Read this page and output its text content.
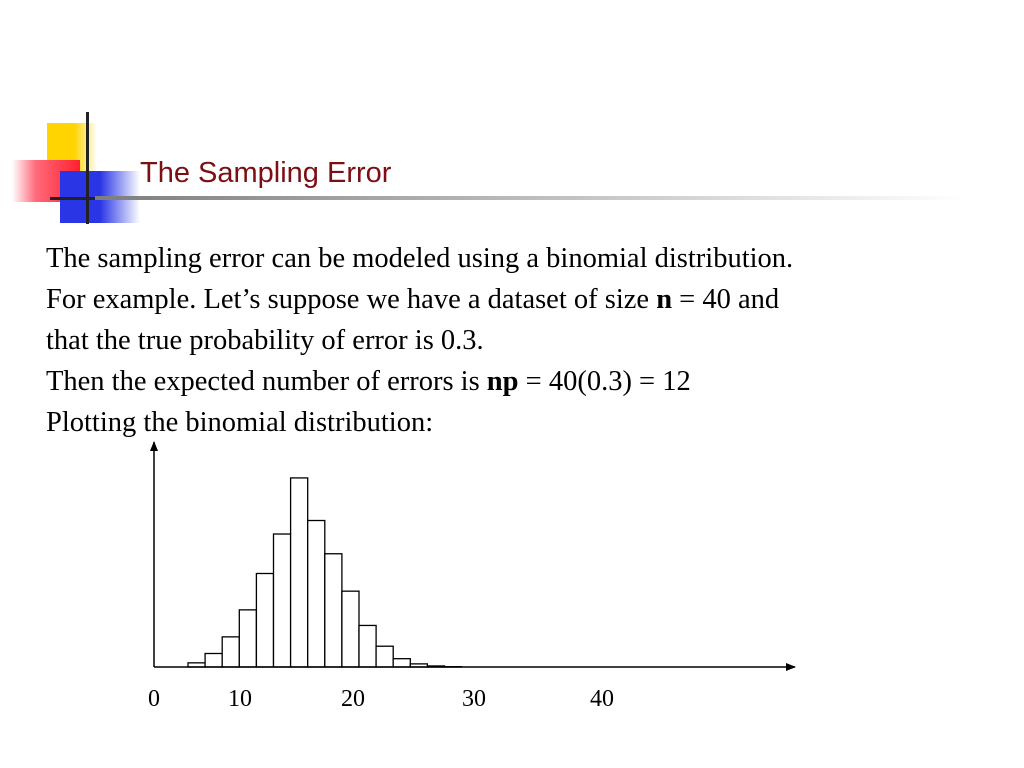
The Sampling Error

The sampling error can be modeled using a binomial distribution.

For example. Let’s suppose we have a dataset of size n = 40 and

that the true probability of error is 0.3.

Then the expected number of errors is np = 40(0.3) = 12

Plotting the binomial distribution:

0	10	20	30	40
